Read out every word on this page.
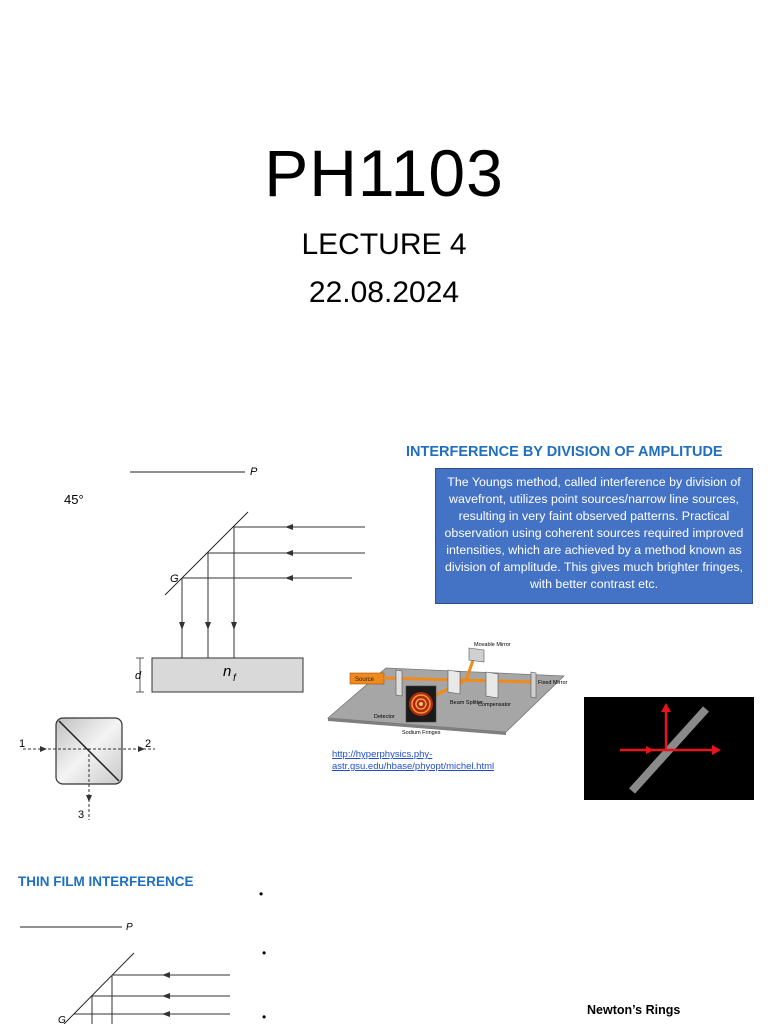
PH1103
LECTURE 4
22.08.2024
INTERFERENCE BY DIVISION OF AMPLITUDE
45°
P
G
d	n f
The Youngs method, called interference by division of wavefront, utilizes point sources/narrow line sources, resulting in very faint observed patterns. Practical observation using coherent sources required improved intensities, which are achieved by a method known as division of amplitude. This gives much brighter fringes, with better contrast etc.
1	2
3
Source
Movable Mirror
Fixed Mirror
Detector
Beam Splitter
Compensator
Sodium Fringes
http://hyperphysics.phy-astr.gsu.edu/hbase/phyopt/michel.html
THIN FILM INTERFERENCE
•
•
•
P
G
Newton’s Rings
